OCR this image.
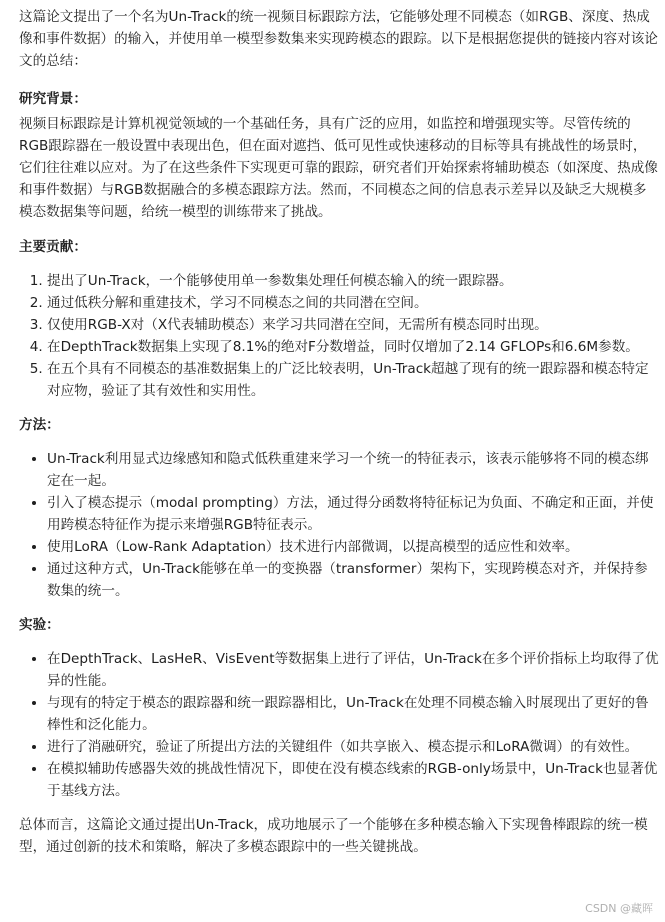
这篇论文提出了一个名为Un-Track的统一视频目标跟踪方法，它能够处理不同模态（如RGB、深度、热成像和事件数据）的输入，并使用单一模型参数集来实现跨模态的跟踪。以下是根据您提供的链接内容对该论文的总结：

研究背景：

视频目标跟踪是计算机视觉领域的一个基础任务，具有广泛的应用，如监控和增强现实等。尽管传统的RGB跟踪器在一般设置中表现出色，但在面对遮挡、低可见性或快速移动的目标等具有挑战性的场景时，它们往往难以应对。为了在这些条件下实现更可靠的跟踪，研究者们开始探索将辅助模态（如深度、热成像和事件数据）与RGB数据融合的多模态跟踪方法。然而，不同模态之间的信息表示差异以及缺乏大规模多模态数据集等问题，给统一模型的训练带来了挑战。

主要贡献：

1. 提出了Un-Track，一个能够使用单一参数集处理任何模态输入的统一跟踪器。
2. 通过低秩分解和重建技术，学习不同模态之间的共同潜在空间。
3. 仅使用RGB-X对（X代表辅助模态）来学习共同潜在空间，无需所有模态同时出现。
4. 在DepthTrack数据集上实现了8.1%的绝对F分数增益，同时仅增加了2.14 GFLOPs和6.6M参数。
5. 在五个具有不同模态的基准数据集上的广泛比较表明，Un-Track超越了现有的统一跟踪器和模态特定对应物，验证了其有效性和实用性。

方法：

• Un-Track利用显式边缘感知和隐式低秩重建来学习一个统一的特征表示，该表示能够将不同的模态绑定在一起。
• 引入了模态提示（modal prompting）方法，通过得分函数将特征标记为负面、不确定和正面，并使用跨模态特征作为提示来增强RGB特征表示。
• 使用LoRA（Low-Rank Adaptation）技术进行内部微调，以提高模型的适应性和效率。
• 通过这种方式，Un-Track能够在单一的变换器（transformer）架构下，实现跨模态对齐，并保持参数集的统一。

实验：

• 在DepthTrack、LasHeR、VisEvent等数据集上进行了评估，Un-Track在多个评价指标上均取得了优异的性能。
• 与现有的特定于模态的跟踪器和统一跟踪器相比，Un-Track在处理不同模态输入时展现出了更好的鲁棒性和泛化能力。
• 进行了消融研究，验证了所提出方法的关键组件（如共享嵌入、模态提示和LoRA微调）的有效性。
• 在模拟辅助传感器失效的挑战性情况下，即使在没有模态线索的RGB-only场景中，Un-Track也显著优于基线方法。

总体而言，这篇论文通过提出Un-Track，成功地展示了一个能够在多种模态输入下实现鲁棒跟踪的统一模型，通过创新的技术和策略，解决了多模态跟踪中的一些关键挑战。

CSDN @藏晖
